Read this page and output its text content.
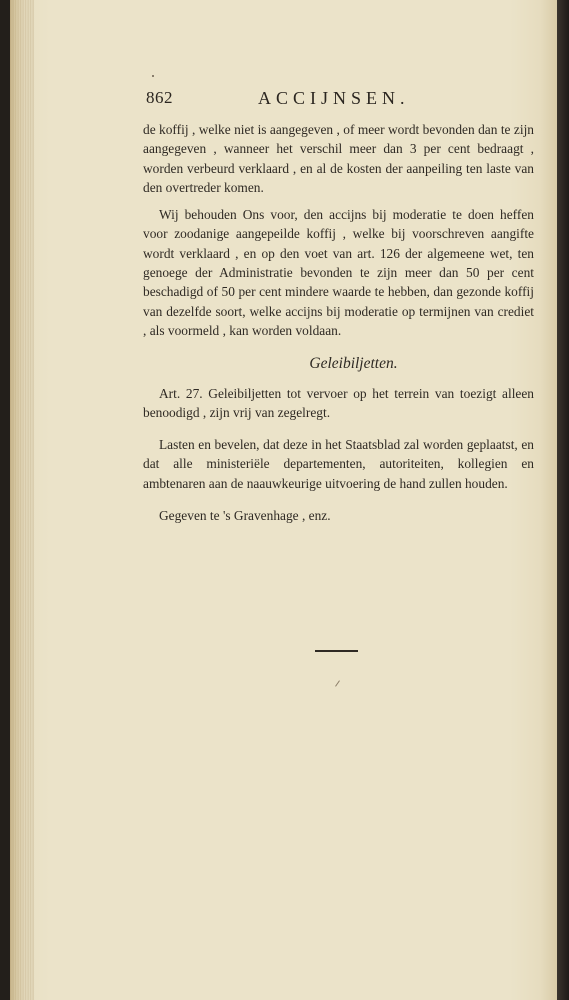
862	ACCIJNSEN.

de koffij , welke niet is aangegeven , of meer wordt bevonden dan te zijn aangegeven , wanneer het verschil meer dan 3 per cent bedraagt , worden verbeurd verklaard , en al de kosten der aanpeiling ten laste van den overtreder komen.

Wij behouden Ons voor, den accijns bij moderatie te doen heffen voor zoodanige aangepeilde koffij , welke bij voorschreven aangifte wordt verklaard , en op den voet van art. 126 der algemeene wet, ten genoege der Administratie bevonden te zijn meer dan 50 per cent beschadigd of 50 per cent mindere waarde te hebben, dan gezonde koffij van dezelfde soort, welke accijns bij moderatie op termijnen van crediet , als voormeld , kan worden voldaan.

Geleibiljetten.

Art. 27. Geleibiljetten tot vervoer op het terrein van toezigt alleen benoodigd , zijn vrij van zegelregt.

Lasten en bevelen, dat deze in het Staatsblad zal worden geplaatst, en dat alle ministeriële departementen, autoriteiten, kollegien en ambtenaren aan de naauwkeurige uitvoering de hand zullen houden.

Gegeven te 's Gravenhage , enz.
